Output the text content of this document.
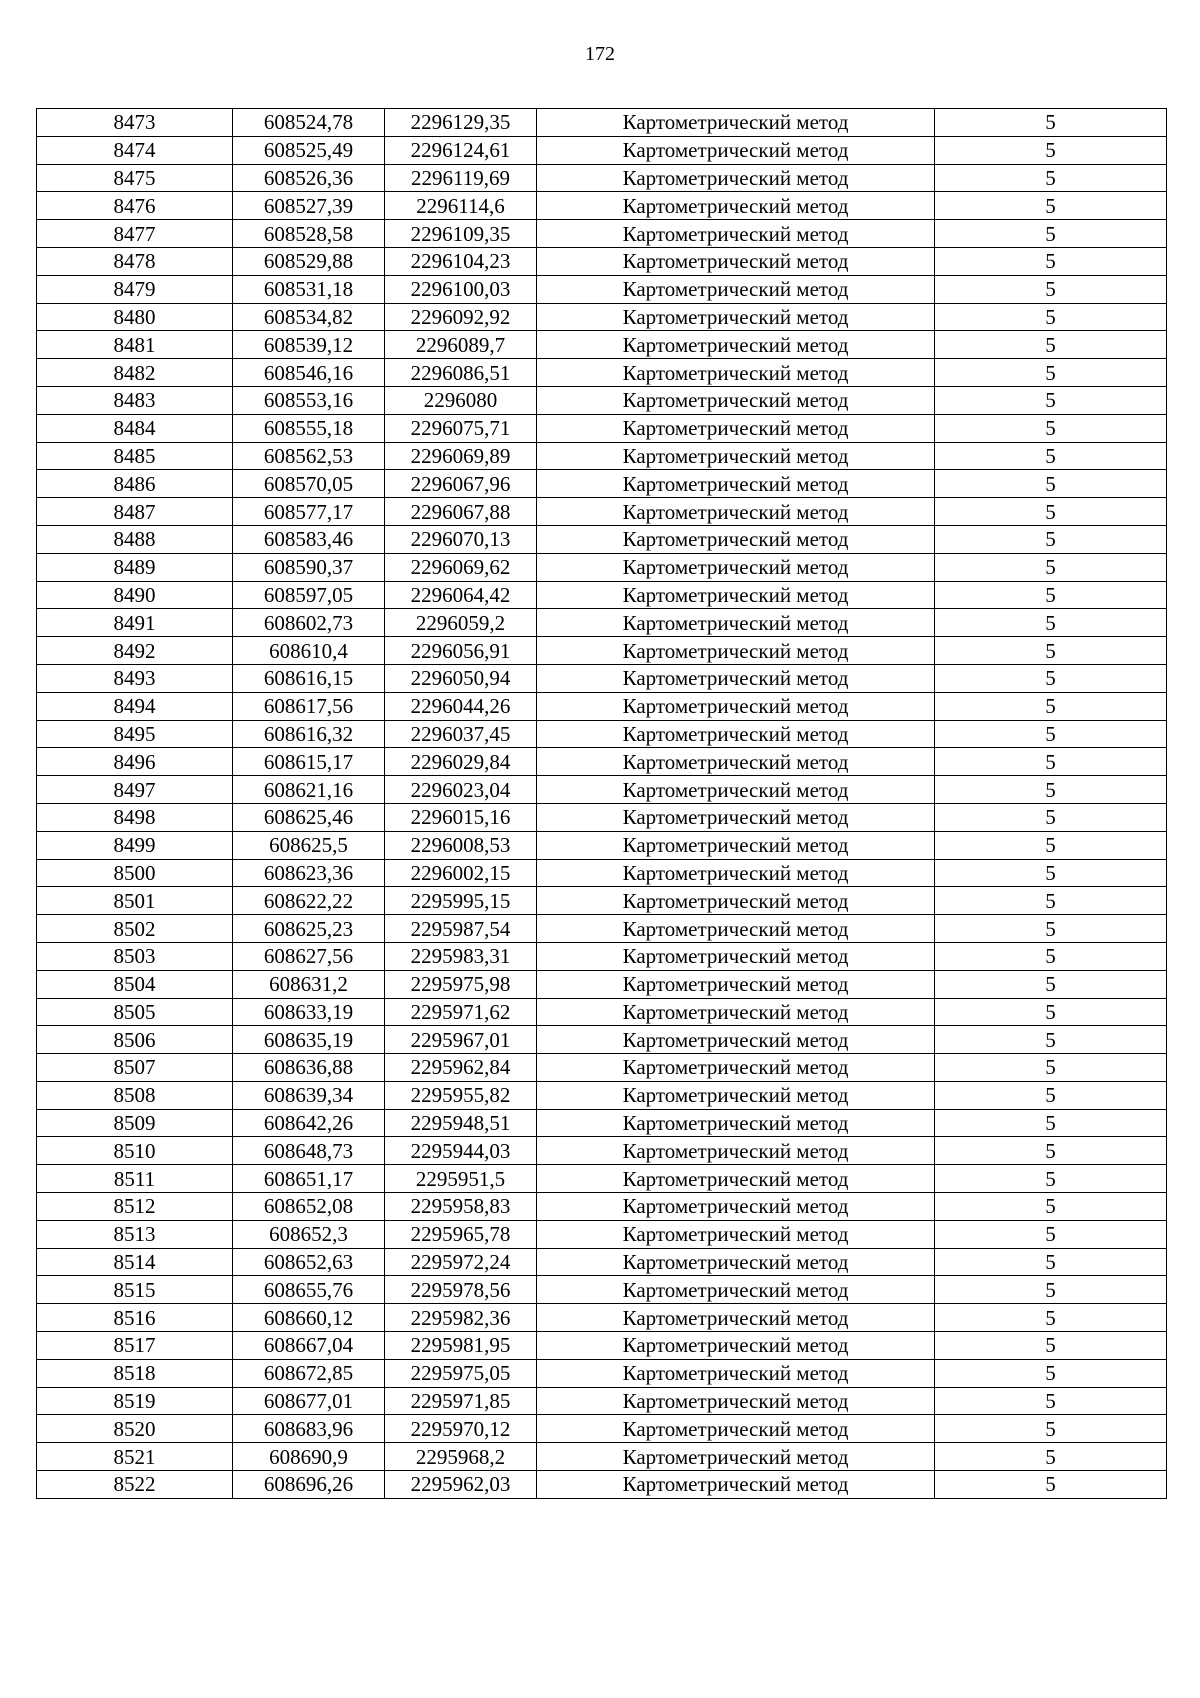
172
8473	608524,78	2296129,35	Картометрический метод	5
8474	608525,49	2296124,61	Картометрический метод	5
8475	608526,36	2296119,69	Картометрический метод	5
8476	608527,39	2296114,6	Картометрический метод	5
8477	608528,58	2296109,35	Картометрический метод	5
8478	608529,88	2296104,23	Картометрический метод	5
8479	608531,18	2296100,03	Картометрический метод	5
8480	608534,82	2296092,92	Картометрический метод	5
8481	608539,12	2296089,7	Картометрический метод	5
8482	608546,16	2296086,51	Картометрический метод	5
8483	608553,16	2296080	Картометрический метод	5
8484	608555,18	2296075,71	Картометрический метод	5
8485	608562,53	2296069,89	Картометрический метод	5
8486	608570,05	2296067,96	Картометрический метод	5
8487	608577,17	2296067,88	Картометрический метод	5
8488	608583,46	2296070,13	Картометрический метод	5
8489	608590,37	2296069,62	Картометрический метод	5
8490	608597,05	2296064,42	Картометрический метод	5
8491	608602,73	2296059,2	Картометрический метод	5
8492	608610,4	2296056,91	Картометрический метод	5
8493	608616,15	2296050,94	Картометрический метод	5
8494	608617,56	2296044,26	Картометрический метод	5
8495	608616,32	2296037,45	Картометрический метод	5
8496	608615,17	2296029,84	Картометрический метод	5
8497	608621,16	2296023,04	Картометрический метод	5
8498	608625,46	2296015,16	Картометрический метод	5
8499	608625,5	2296008,53	Картометрический метод	5
8500	608623,36	2296002,15	Картометрический метод	5
8501	608622,22	2295995,15	Картометрический метод	5
8502	608625,23	2295987,54	Картометрический метод	5
8503	608627,56	2295983,31	Картометрический метод	5
8504	608631,2	2295975,98	Картометрический метод	5
8505	608633,19	2295971,62	Картометрический метод	5
8506	608635,19	2295967,01	Картометрический метод	5
8507	608636,88	2295962,84	Картометрический метод	5
8508	608639,34	2295955,82	Картометрический метод	5
8509	608642,26	2295948,51	Картометрический метод	5
8510	608648,73	2295944,03	Картометрический метод	5
8511	608651,17	2295951,5	Картометрический метод	5
8512	608652,08	2295958,83	Картометрический метод	5
8513	608652,3	2295965,78	Картометрический метод	5
8514	608652,63	2295972,24	Картометрический метод	5
8515	608655,76	2295978,56	Картометрический метод	5
8516	608660,12	2295982,36	Картометрический метод	5
8517	608667,04	2295981,95	Картометрический метод	5
8518	608672,85	2295975,05	Картометрический метод	5
8519	608677,01	2295971,85	Картометрический метод	5
8520	608683,96	2295970,12	Картометрический метод	5
8521	608690,9	2295968,2	Картометрический метод	5
8522	608696,26	2295962,03	Картометрический метод	5
